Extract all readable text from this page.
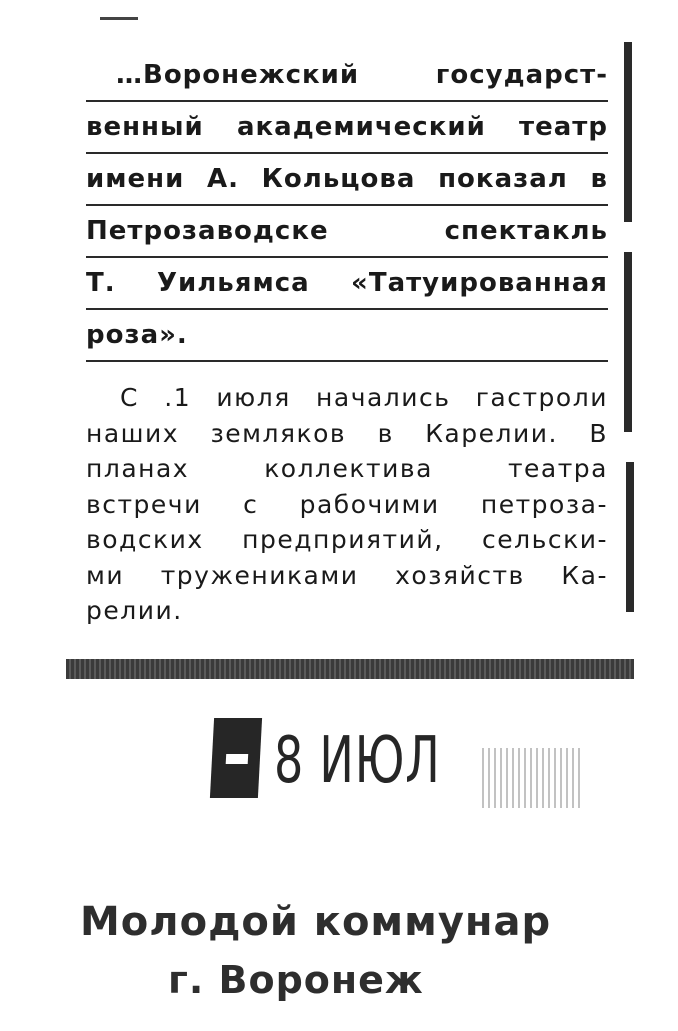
…Воронежский	государст-
венный академический театр
имени А. Кольцова показал в
Петрозаводске	спектакль
Т. Уильямса «Татуированная
роза».
С .1 июля начались гастроли
наших земляков в Карелии. В
планах	коллектива	театра
встречи с рабочими петроза-
водских предприятий, сельски-
ми тружениками хозяйств Ка-
релии.
8 ИЮЛ
Молодой коммунар
г. Воронеж
